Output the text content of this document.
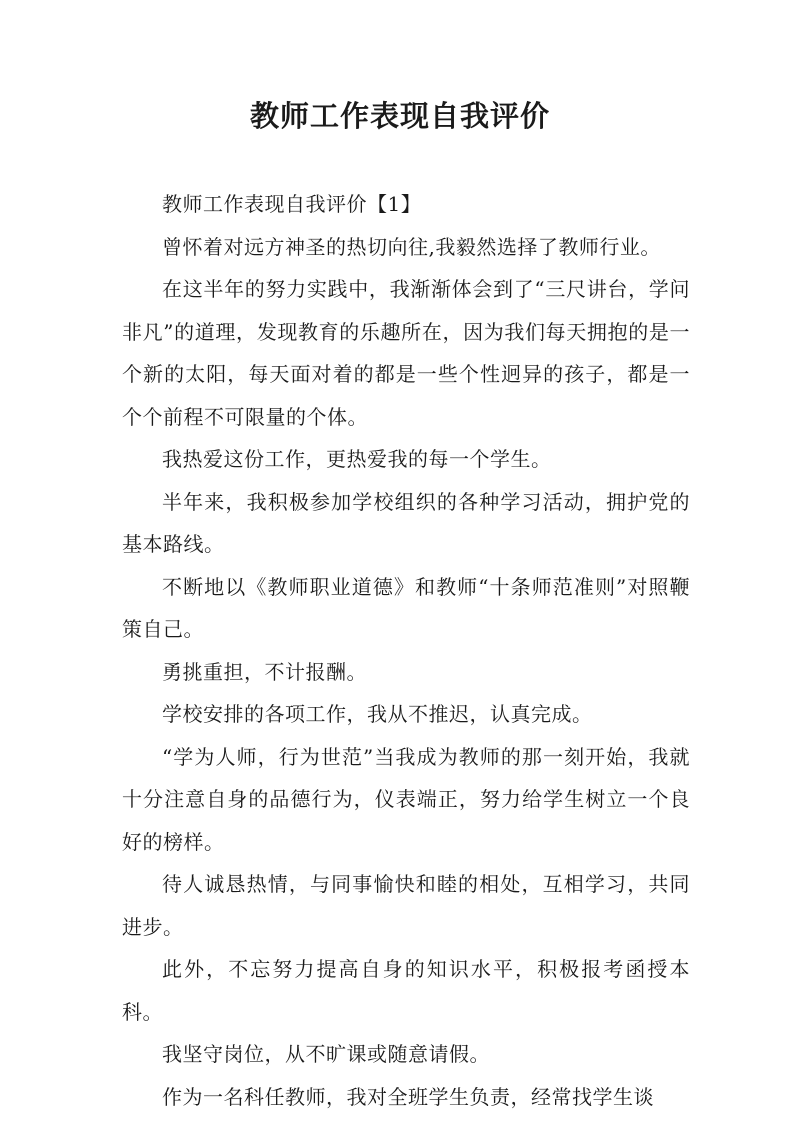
教师工作表现自我评价

教师工作表现自我评价【1】

曾怀着对远方神圣的热切向往,我毅然选择了教师行业。

在这半年的努力实践中，我渐渐体会到了“三尺讲台，学问非凡”的道理，发现教育的乐趣所在，因为我们每天拥抱的是一个新的太阳，每天面对着的都是一些个性迥异的孩子，都是一个个前程不可限量的个体。

我热爱这份工作，更热爱我的每一个学生。

半年来，我积极参加学校组织的各种学习活动，拥护党的基本路线。

不断地以《教师职业道德》和教师“十条师范准则”对照鞭策自己。

勇挑重担，不计报酬。

学校安排的各项工作，我从不推迟，认真完成。

“学为人师，行为世范”当我成为教师的那一刻开始，我就十分注意自身的品德行为，仪表端正，努力给学生树立一个良好的榜样。

待人诚恳热情，与同事愉快和睦的相处，互相学习，共同进步。

此外，不忘努力提高自身的知识水平，积极报考函授本科。

我坚守岗位，从不旷课或随意请假。

作为一名科任教师，我对全班学生负责，经常找学生谈
